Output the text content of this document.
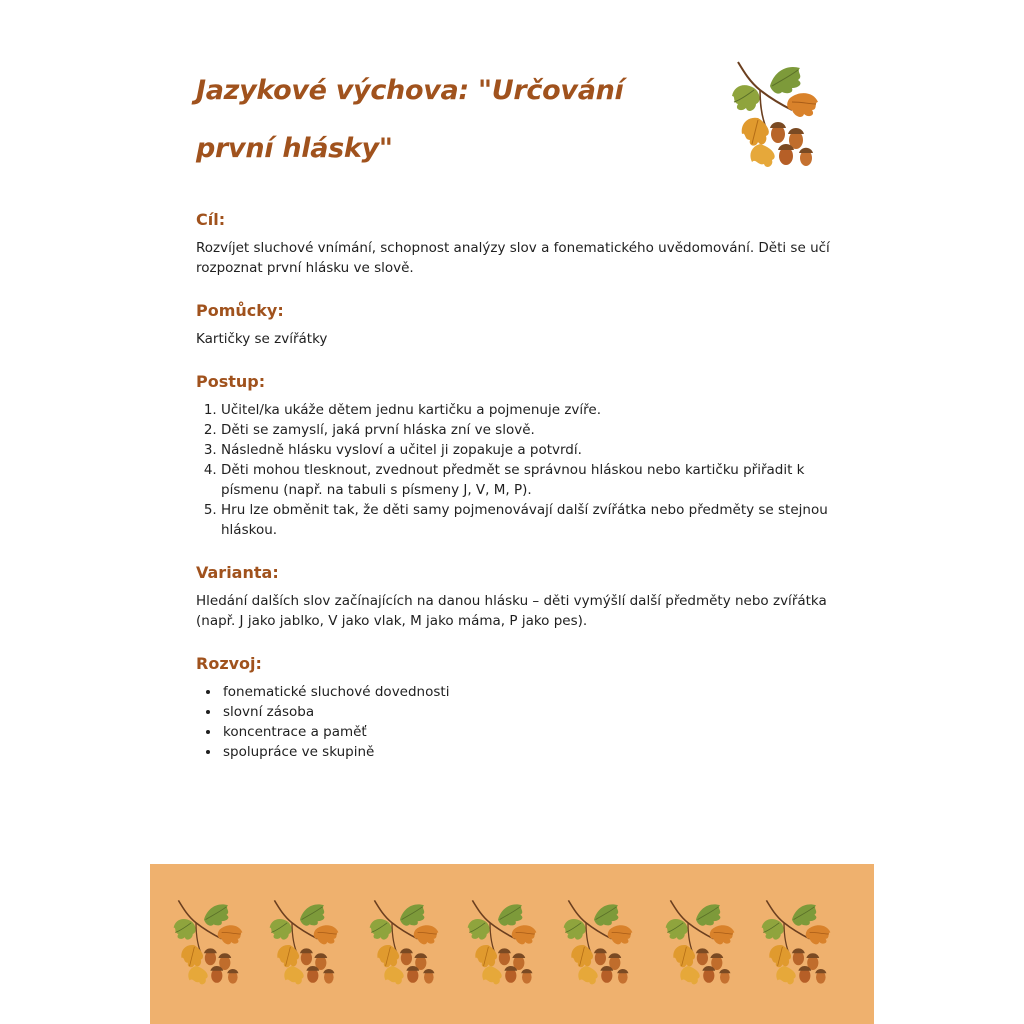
Jazykové výchova: "Určování první hlásky"
Cíl:

Rozvíjet sluchové vnímání, schopnost analýzy slov a fonematického uvědomování. Děti se učí rozpoznat první hlásku ve slově.

Pomůcky:

Kartičky se zvířátky

Postup:
1. Učitel/ka ukáže dětem jednu kartičku a pojmenuje zvíře.
2. Děti se zamyslí, jaká první hláska zní ve slově.
3. Následně hlásku vysloví a učitel ji zopakuje a potvrdí.
4. Děti mohou tlesknout, zvednout předmět se správnou hláskou nebo kartičku přiřadit k písmenu (např. na tabuli s písmeny J, V, M, P).
5. Hru lze obměnit tak, že děti samy pojmenovávají další zvířátka nebo předměty se stejnou hláskou.
Varianta:

Hledání dalších slov začínajících na danou hlásku – děti vymýšlí další předměty nebo zvířátka (např. J jako jablko, V jako vlak, M jako máma, P jako pes).

Rozvoj:
• fonematické sluchové dovednosti
• slovní zásoba
• koncentrace a paměť
• spolupráce ve skupině
